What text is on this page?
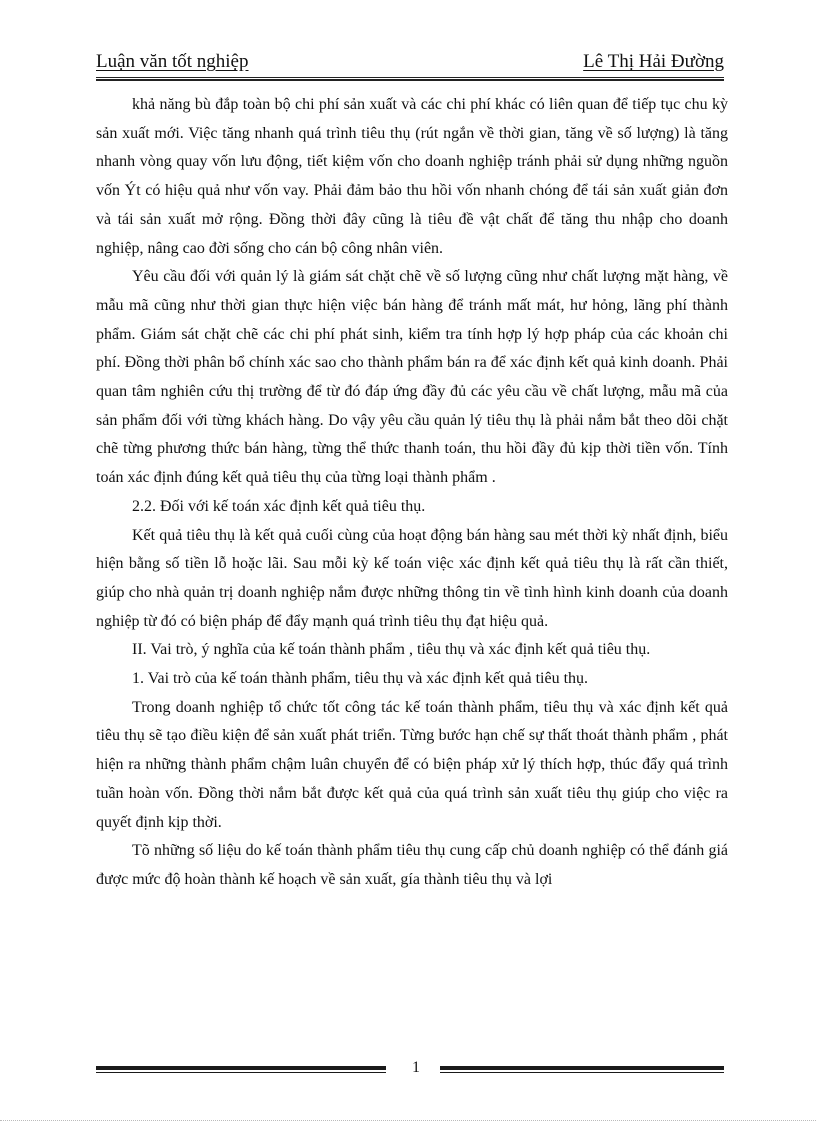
Luận văn tốt nghiệp	Lê Thị Hải Đường

khả năng bù đắp toàn bộ chi phí sản xuất và các chi phí khác có liên quan để tiếp tục chu kỳ sản xuất mới. Việc tăng nhanh quá trình tiêu thụ (rút ngắn về thời gian, tăng về số lượng) là tăng nhanh vòng quay vốn lưu động, tiết kiệm vốn cho doanh nghiệp tránh phải sử dụng những nguồn vốn Ýt có hiệu quả như vốn vay. Phải đảm bảo thu hồi vốn nhanh chóng để tái sản xuất giản đơn và tái sản xuất mở rộng. Đồng thời đây cũng là tiêu đề vật chất để tăng thu nhập cho doanh nghiệp, nâng cao đời sống cho cán bộ công nhân viên.

Yêu cầu đối với quản lý là giám sát chặt chẽ về số lượng cũng như chất lượng mặt hàng, về mẫu mã cũng như thời gian thực hiện việc bán hàng để tránh mất mát, hư hỏng, lãng phí thành phẩm. Giám sát chặt chẽ các chi phí phát sinh, kiểm tra tính hợp lý hợp pháp của các khoản chi phí. Đồng thời phân bổ chính xác sao cho thành phẩm bán ra để xác định kết quả kinh doanh. Phải quan tâm nghiên cứu thị trường để từ đó đáp ứng đầy đủ các yêu cầu về chất lượng, mẫu mã của sản phẩm đối với từng khách hàng. Do vậy yêu cầu quản lý tiêu thụ là phải nắm bắt theo dõi chặt chẽ từng phương thức bán hàng, từng thể thức thanh toán, thu hồi đầy đủ kịp thời tiền vốn. Tính toán xác định đúng kết quả tiêu thụ của từng loại thành phẩm .

2.2. Đối với kế toán xác định kết quả tiêu thụ.

Kết quả tiêu thụ là kết quả cuối cùng của hoạt động bán hàng sau mét thời kỳ nhất định, biểu hiện bằng số tiền lỗ hoặc lãi. Sau mỗi kỳ kế toán việc xác định kết quả tiêu thụ là rất cần thiết, giúp cho nhà quản trị doanh nghiệp nắm được những thông tin về tình hình kinh doanh của doanh nghiệp từ đó có biện pháp để đẩy mạnh quá trình tiêu thụ đạt hiệu quả.

II. Vai trò, ý nghĩa của kế toán thành phẩm , tiêu thụ và xác định kết quả tiêu thụ.

1. Vai trò của kế toán thành phẩm, tiêu thụ và xác định kết quả tiêu thụ.

Trong doanh nghiệp tổ chức tốt công tác kế toán thành phẩm, tiêu thụ và xác định kết quả tiêu thụ sẽ tạo điều kiện để sản xuất phát triển. Từng bước hạn chế sự thất thoát thành phẩm , phát hiện ra những thành phẩm chậm luân chuyển để có biện pháp xử lý thích hợp, thúc đẩy quá trình tuần hoàn vốn. Đồng thời nắm bắt được kết quả của quá trình sản xuất tiêu thụ giúp cho việc ra quyết định kịp thời.

Tõ những số liệu do kế toán thành phẩm tiêu thụ cung cấp chủ doanh nghiệp có thể đánh giá được mức độ hoàn thành kế hoạch về sản xuất, gía thành tiêu thụ và lợi

1
